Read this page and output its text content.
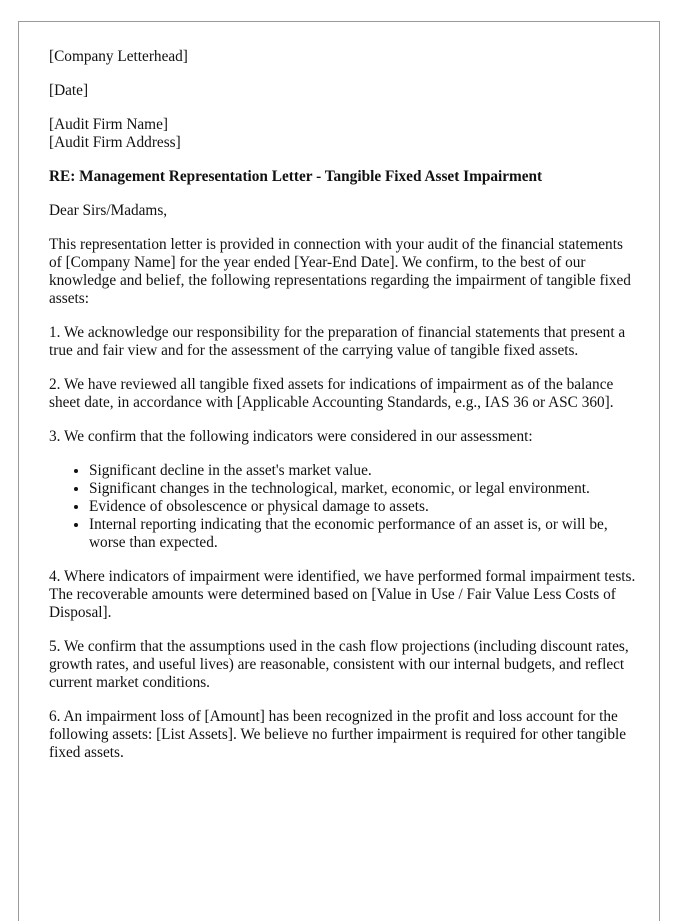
[Company Letterhead]

[Date]

[Audit Firm Name]

[Audit Firm Address]

RE: Management Representation Letter - Tangible Fixed Asset Impairment

Dear Sirs/Madams,

This representation letter is provided in connection with your audit of the financial statements of [Company Name] for the year ended [Year-End Date]. We confirm, to the best of our knowledge and belief, the following representations regarding the impairment of tangible fixed assets:

1. We acknowledge our responsibility for the preparation of financial statements that present a true and fair view and for the assessment of the carrying value of tangible fixed assets.

2. We have reviewed all tangible fixed assets for indications of impairment as of the balance sheet date, in accordance with [Applicable Accounting Standards, e.g., IAS 36 or ASC 360].

3. We confirm that the following indicators were considered in our assessment:

• Significant decline in the asset's market value.
• Significant changes in the technological, market, economic, or legal environment.
• Evidence of obsolescence or physical damage to assets.
• Internal reporting indicating that the economic performance of an asset is, or will be, worse than expected.

4. Where indicators of impairment were identified, we have performed formal impairment tests. The recoverable amounts were determined based on [Value in Use / Fair Value Less Costs of Disposal].

5. We confirm that the assumptions used in the cash flow projections (including discount rates, growth rates, and useful lives) are reasonable, consistent with our internal budgets, and reflect current market conditions.

6. An impairment loss of [Amount] has been recognized in the profit and loss account for the following assets: [List Assets]. We believe no further impairment is required for other tangible fixed assets.
